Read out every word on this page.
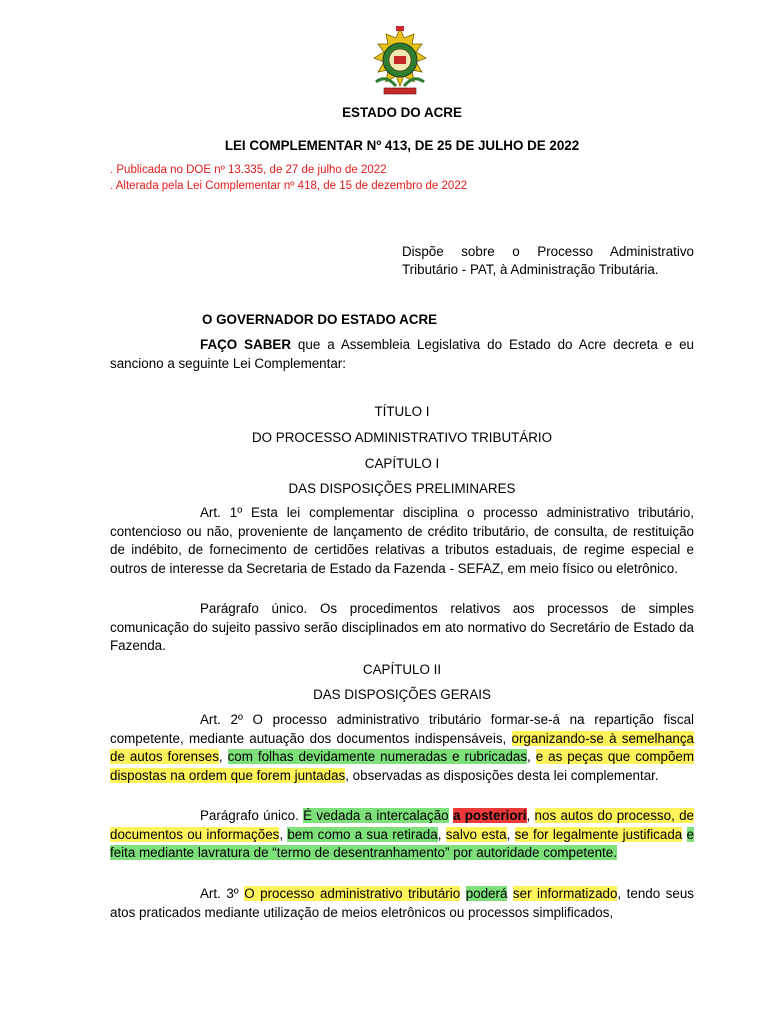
ESTADO DO ACRE
LEI COMPLEMENTAR Nº 413, DE 25 DE JULHO DE 2022
. Publicada no DOE nº 13.335, de 27 de julho de 2022
. Alterada pela Lei Complementar nº 418, de 15 de dezembro de 2022
Dispõe sobre o Processo Administrativo Tributário - PAT, à Administração Tributária.
O GOVERNADOR DO ESTADO ACRE
FAÇO SABER que a Assembleia Legislativa do Estado do Acre decreta e eu sanciono a seguinte Lei Complementar:
TÍTULO I
DO PROCESSO ADMINISTRATIVO TRIBUTÁRIO
CAPÍTULO I
DAS DISPOSIÇÕES PRELIMINARES
Art. 1º Esta lei complementar disciplina o processo administrativo tributário, contencioso ou não, proveniente de lançamento de crédito tributário, de consulta, de restituição de indébito, de fornecimento de certidões relativas a tributos estaduais, de regime especial e outros de interesse da Secretaria de Estado da Fazenda - SEFAZ, em meio físico ou eletrônico.
Parágrafo único. Os procedimentos relativos aos processos de simples comunicação do sujeito passivo serão disciplinados em ato normativo do Secretário de Estado da Fazenda.
CAPÍTULO II
DAS DISPOSIÇÕES GERAIS
Art. 2º O processo administrativo tributário formar-se-á na repartição fiscal competente, mediante autuação dos documentos indispensáveis, organizando-se à semelhança de autos forenses, com folhas devidamente numeradas e rubricadas, e as peças que compõem dispostas na ordem que forem juntadas, observadas as disposições desta lei complementar.
Parágrafo único. É vedada a intercalação a posteriori, nos autos do processo, de documentos ou informações, bem como a sua retirada, salvo esta, se for legalmente justificada e feita mediante lavratura de “termo de desentranhamento” por autoridade competente.
Art. 3º O processo administrativo tributário poderá ser informatizado, tendo seus atos praticados mediante utilização de meios eletrônicos ou processos simplificados,
